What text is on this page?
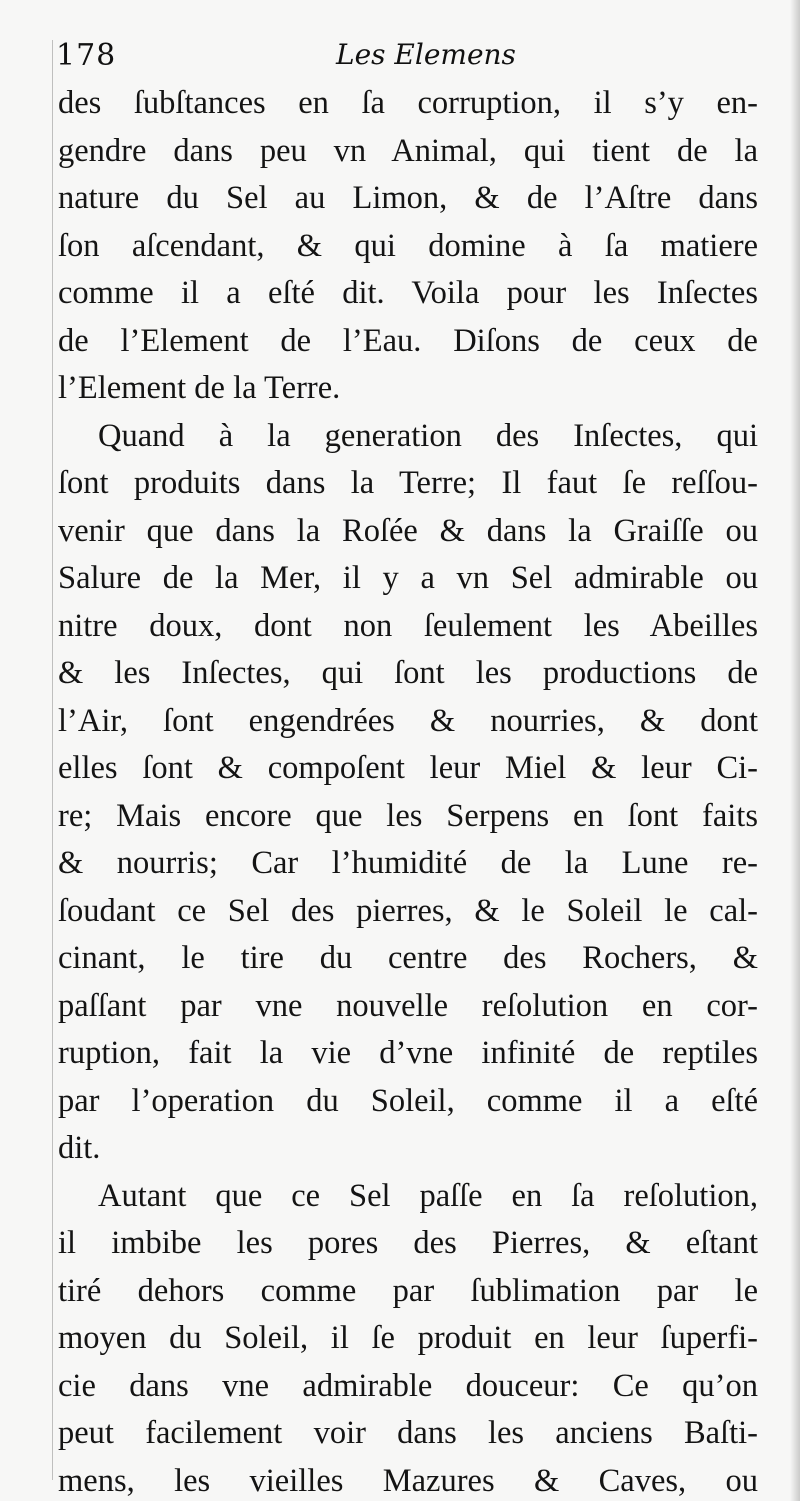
178	Les Elemens
des ſubſtances en ſa corruption, il s’y en-
gendre dans peu vn Animal, qui tient de la
nature du Sel au Limon, & de l’Aſtre dans
ſon aſcendant, & qui domine à ſa matiere
comme il a eſté dit. Voila pour les Inſectes
de l’Element de l’Eau. Diſons de ceux de
l’Element de la Terre.
Quand à la generation des Inſectes, qui
ſont produits dans la Terre; Il faut ſe reſſou-
venir que dans la Roſée & dans la Graiſſe ou
Salure de la Mer, il y a vn Sel admirable ou
nitre doux, dont non ſeulement les Abeilles
& les Inſectes, qui ſont les productions de
l’Air, ſont engendrées & nourries, & dont
elles ſont & compoſent leur Miel & leur Ci-
re; Mais encore que les Serpens en ſont faits
& nourris; Car l’humidité de la Lune re-
ſoudant ce Sel des pierres, & le Soleil le cal-
cinant, le tire du centre des Rochers, &
paſſant par vne nouvelle reſolution en cor-
ruption, fait la vie d’vne infinité de reptiles
par l’operation du Soleil, comme il a eſté
dit.
Autant que ce Sel paſſe en ſa reſolution,
il imbibe les pores des Pierres, & eſtant
tiré dehors comme par ſublimation par le
moyen du Soleil, il ſe produit en leur ſuperfi-
cie dans vne admirable douceur: Ce qu’on
peut facilement voir dans les anciens Baſti-
mens, les vieilles Mazures & Caves, ou
